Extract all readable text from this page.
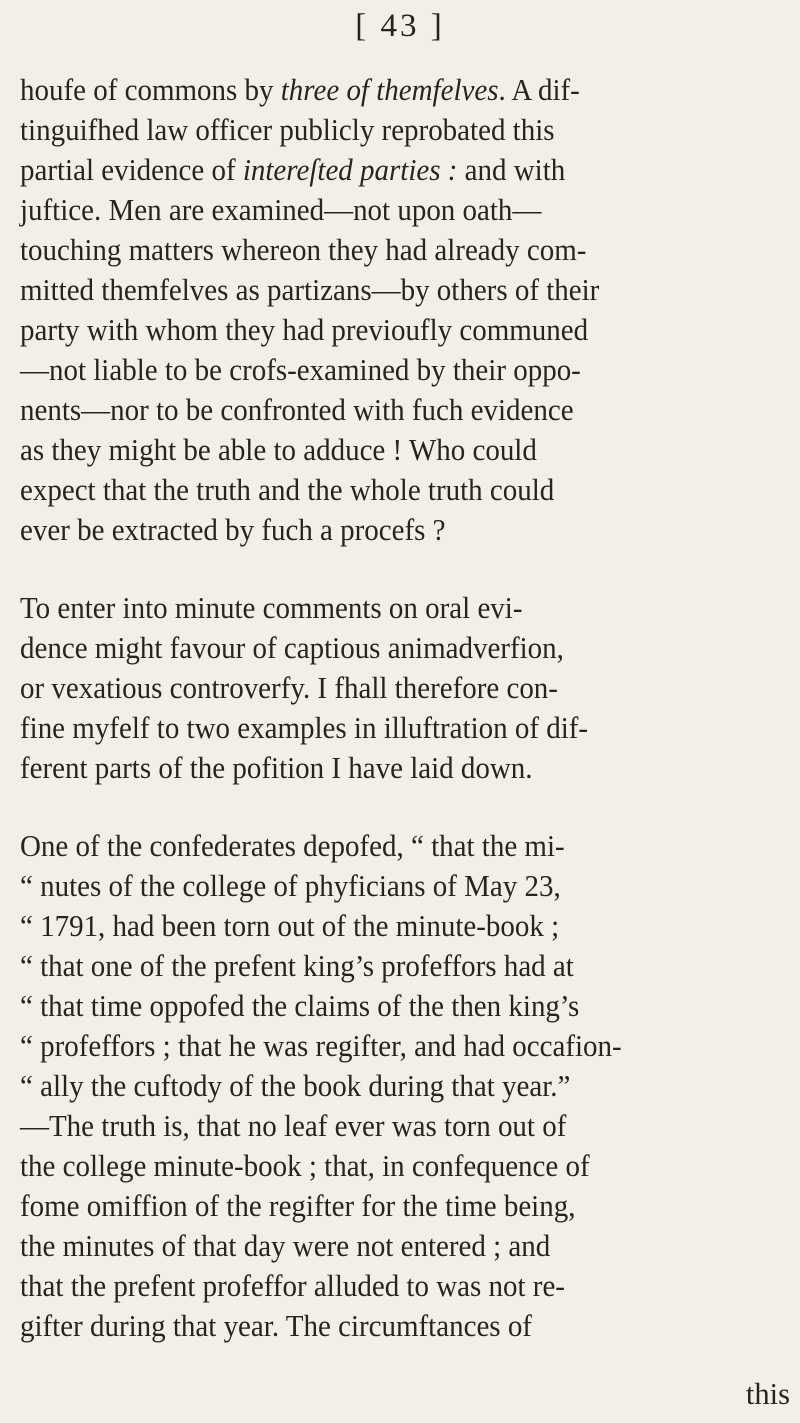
[ 43 ]
houfe of commons by three of themfelves. A dif-
tinguifhed law officer publicly reprobated this
partial evidence of intereſted parties : and with
juftice. Men are examined—not upon oath—
touching matters whereon they had already com-
mitted themfelves as partizans—by others of their
party with whom they had previoufly communed
—not liable to be crofs-examined by their oppo-
nents—nor to be confronted with fuch evidence
as they might be able to adduce ! Who could
expect that the truth and the whole truth could
ever be extracted by fuch a procefs ?
To enter into minute comments on oral evi-
dence might favour of captious animadverfion,
or vexatious controverfy. I fhall therefore con-
fine myfelf to two examples in illuftration of dif-
ferent parts of the pofition I have laid down.
One of the confederates depofed, “ that the mi-
“ nutes of the college of phyficians of May 23,
“ 1791, had been torn out of the minute-book ;
“ that one of the prefent king’s profeffors had at
“ that time oppofed the claims of the then king’s
“ profeffors ; that he was regifter, and had occafion-
“ ally the cuftody of the book during that year.”
—The truth is, that no leaf ever was torn out of
the college minute-book ; that, in confequence of
fome omiffion of the regifter for the time being,
the minutes of that day were not entered ; and
that the prefent profeffor alluded to was not re-
gifter during that year. The circumftances of
this
